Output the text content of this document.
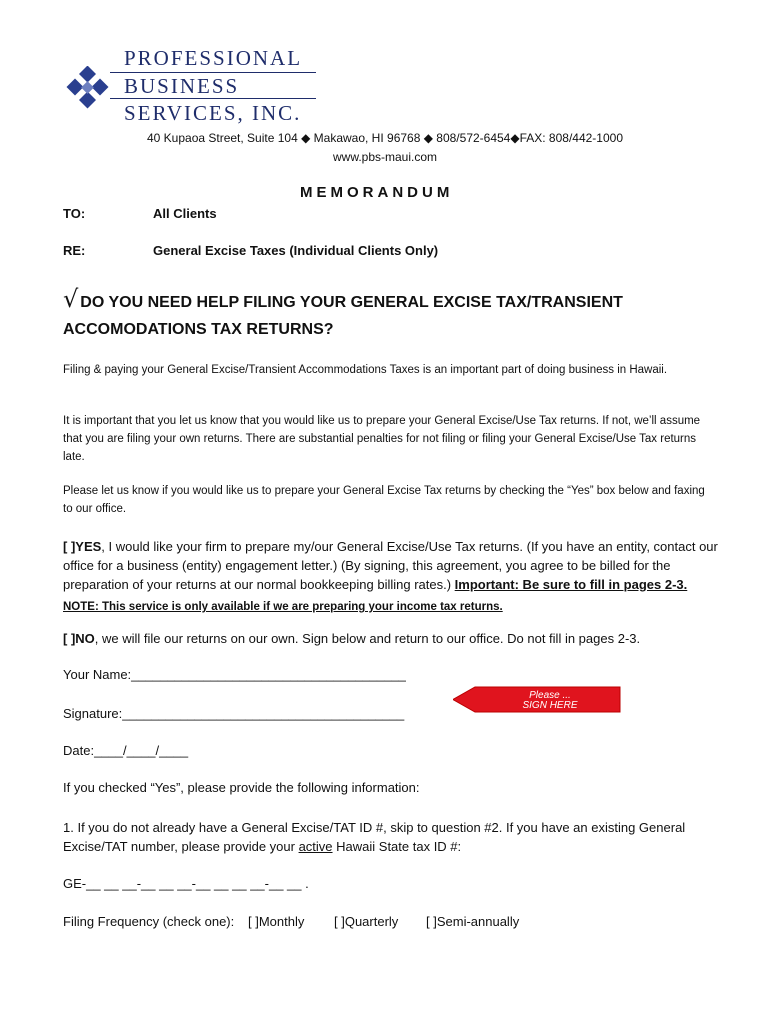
PROFESSIONAL
BUSINESS
SERVICES, INC.
40 Kupaoa Street, Suite 104 ◆ Makawao, HI 96768 ◆ 808/572-6454◆FAX: 808/442-1000
www.pbs-maui.com
MEMORANDUM
TO:	All Clients
RE:	General Excise Taxes (Individual Clients Only)
√ DO YOU NEED HELP FILING YOUR GENERAL EXCISE TAX/TRANSIENT ACCOMODATIONS TAX RETURNS?
Filing & paying your General Excise/Transient Accommodations Taxes is an important part of doing business in Hawaii.
It is important that you let us know that you would like us to prepare your General Excise/Use Tax returns. If not, we’ll assume that you are filing your own returns. There are substantial penalties for not filing or filing your General Excise/Use Tax returns late.
Please let us know if you would like us to prepare your General Excise Tax returns by checking the “Yes” box below and faxing to our office.
[ ]YES, I would like your firm to prepare my/our General Excise/Use Tax returns. (If you have an entity, contact our office for a business (entity) engagement letter.) (By signing, this agreement, you agree to be billed for the preparation of your returns at our normal bookkeeping billing rates.) Important: Be sure to fill in pages 2-3. NOTE: This service is only available if we are preparing your income tax returns.
[ ]NO, we will file our returns on our own. Sign below and return to our office. Do not fill in pages 2-3.
Your Name:______________________________________
Signature:_______________________________________
Date:____/____/____
Please ...
SIGN HERE
If you checked “Yes”, please provide the following information:
1. If you do not already have a General Excise/TAT ID #, skip to question #2. If you have an existing General Excise/TAT number, please provide your active Hawaii State tax ID #:
GE-__ __ __-__ __ __-__ __ __ __-__ __ .
Filing Frequency (check one): [ ]Monthly [ ]Quarterly [ ]Semi-annually
